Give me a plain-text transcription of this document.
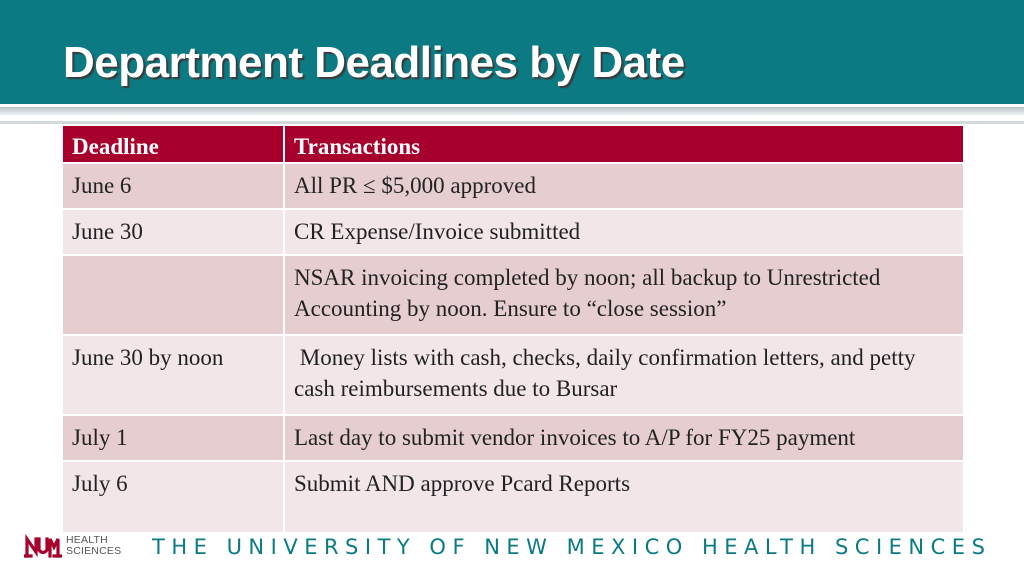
Department Deadlines by Date
Deadline	Transactions
June 6	All PR ≤ $5,000 approved
June 30	CR Expense/Invoice submitted
	NSAR invoicing completed by noon; all backup to Unrestricted Accounting by noon. Ensure to “close session”
June 30 by noon	Money lists with cash, checks, daily confirmation letters, and petty cash reimbursements due to Bursar
July 1	Last day to submit vendor invoices to A/P for FY25 payment
July 6	Submit AND approve Pcard Reports
HEALTH
SCIENCES THE UNIVERSITY OF NEW MEXICO HEALTH SCIENCES
